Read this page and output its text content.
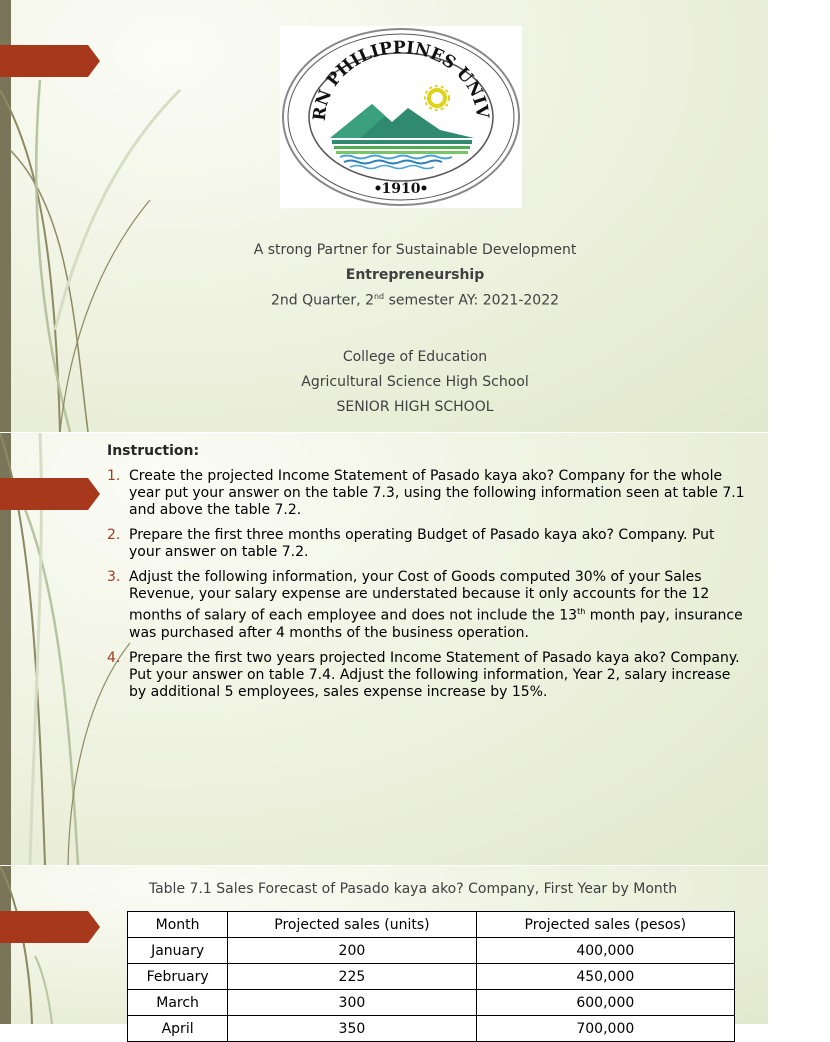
RN PHILIPPINES UNIV
1910
A strong Partner for Sustainable Development
Entrepreneurship
2nd Quarter, 2nd semester AY: 2021-2022
College of Education
Agricultural Science High School
SENIOR HIGH SCHOOL
Instruction:
1. Create the projected Income Statement of Pasado kaya ako? Company for the whole year put your answer on the table 7.3, using the following information seen at table 7.1 and above the table 7.2.
2. Prepare the first three months operating Budget of Pasado kaya ako? Company. Put your answer on table 7.2.
3. Adjust the following information, your Cost of Goods computed 30% of your Sales Revenue, your salary expense are understated because it only accounts for the 12 months of salary of each employee and does not include the 13th month pay, insurance was purchased after 4 months of the business operation.
4. Prepare the first two years projected Income Statement of Pasado kaya ako? Company. Put your answer on table 7.4. Adjust the following information, Year 2, salary increase by additional 5 employees, sales expense increase by 15%.
Table 7.1 Sales Forecast of Pasado kaya ako? Company, First Year by Month
Month	Projected sales (units)	Projected sales (pesos)
January	200	400,000
February	225	450,000
March	300	600,000
April	350	700,000
